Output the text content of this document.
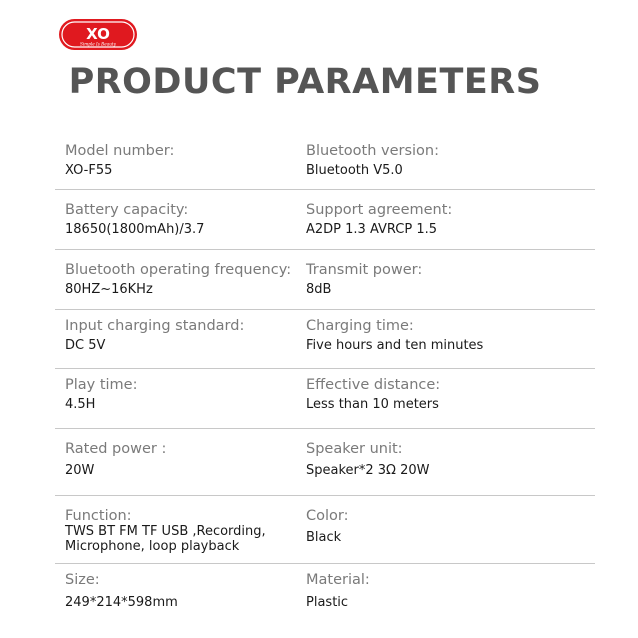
XO
Simple Is Beauty
PRODUCT PARAMETERS
Model number:
XO-F55
Bluetooth version:
Bluetooth V5.0
Battery capacity:
18650(1800mAh)/3.7
Support agreement:
A2DP 1.3 AVRCP 1.5
Bluetooth operating frequency:
80HZ~16KHz
Transmit power:
8dB
Input charging standard:
DC 5V
Charging time:
Five hours and ten minutes
Play time:
4.5H
Effective distance:
Less than 10 meters
Rated power :
20W
Speaker unit:
Speaker*2 3Ω 20W
Function:
TWS BT FM TF USB ,Recording, Microphone, loop playback
Color:
Black
Size:
249*214*598mm
Material:
Plastic
